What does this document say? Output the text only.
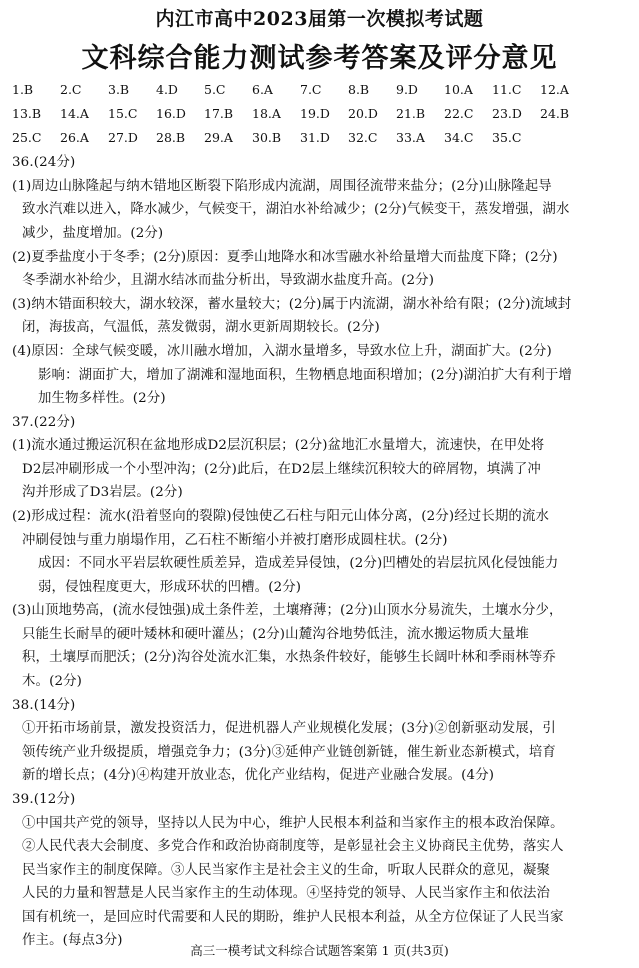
内江市高中2023届第一次模拟考试题
文科综合能力测试参考答案及评分意见
1.B 2.C 3.B 4.D 5.C 6.A 7.C 8.B 9.D 10.A 11.C 12.A
13.B 14.A 15.C 16.D 17.B 18.A 19.D 20.D 21.B 22.C 23.D 24.B
25.C 26.A 27.D 28.B 29.A 30.B 31.D 32.C 33.A 34.C 35.C
36.(24分)
(1)周边山脉隆起与纳木错地区断裂下陷形成内流湖，周围径流带来盐分；(2分)山脉隆起导
致水汽难以进入，降水减少，气候变干，湖泊水补给减少；(2分)气候变干，蒸发增强，湖水
减少，盐度增加。(2分)
(2)夏季盐度小于冬季；(2分)原因：夏季山地降水和冰雪融水补给量增大而盐度下降；(2分)
冬季湖水补给少，且湖水结冰而盐分析出，导致湖水盐度升高。(2分)
(3)纳木错面积较大，湖水较深，蓄水量较大；(2分)属于内流湖，湖水补给有限；(2分)流域封
闭，海拔高，气温低，蒸发微弱，湖水更新周期较长。(2分)
(4)原因：全球气候变暖，冰川融水增加，入湖水量增多，导致水位上升，湖面扩大。(2分)
影响：湖面扩大，增加了湖滩和湿地面积，生物栖息地面积增加；(2分)湖泊扩大有利于增
加生物多样性。(2分)
37.(22分)
(1)流水通过搬运沉积在盆地形成D2层沉积层；(2分)盆地汇水量增大，流速快，在甲处将
D2层冲刷形成一个小型冲沟；(2分)此后，在D2层上继续沉积较大的碎屑物，填满了冲
沟并形成了D3岩层。(2分)
(2)形成过程：流水(沿着竖向的裂隙)侵蚀使乙石柱与阳元山体分离，(2分)经过长期的流水
冲刷侵蚀与重力崩塌作用，乙石柱不断缩小并被打磨形成圆柱状。(2分)
成因：不同水平岩层软硬性质差异，造成差异侵蚀，(2分)凹槽处的岩层抗风化侵蚀能力
弱，侵蚀程度更大，形成环状的凹槽。(2分)
(3)山顶地势高，(流水侵蚀强)成土条件差，土壤瘠薄；(2分)山顶水分易流失，土壤水分少，
只能生长耐旱的硬叶矮林和硬叶灌丛；(2分)山麓沟谷地势低洼，流水搬运物质大量堆
积，土壤厚而肥沃；(2分)沟谷处流水汇集，水热条件较好，能够生长阔叶林和季雨林等乔
木。(2分)
38.(14分)
①开拓市场前景，激发投资活力，促进机器人产业规模化发展；(3分)②创新驱动发展，引
领传统产业升级提质，增强竞争力；(3分)③延伸产业链创新链，催生新业态新模式，培育
新的增长点；(4分)④构建开放业态，优化产业结构，促进产业融合发展。(4分)
39.(12分)
①中国共产党的领导，坚持以人民为中心，维护人民根本利益和当家作主的根本政治保障。
②人民代表大会制度、多党合作和政治协商制度等，是彰显社会主义协商民主优势，落实人
民当家作主的制度保障。③人民当家作主是社会主义的生命，听取人民群众的意见，凝聚
人民的力量和智慧是人民当家作主的生动体现。④坚持党的领导、人民当家作主和依法治
国有机统一，是回应时代需要和人民的期盼，维护人民根本利益，从全方位保证了人民当家
作主。(每点3分)
高三一模考试文科综合试题答案第 1 页(共3页)
